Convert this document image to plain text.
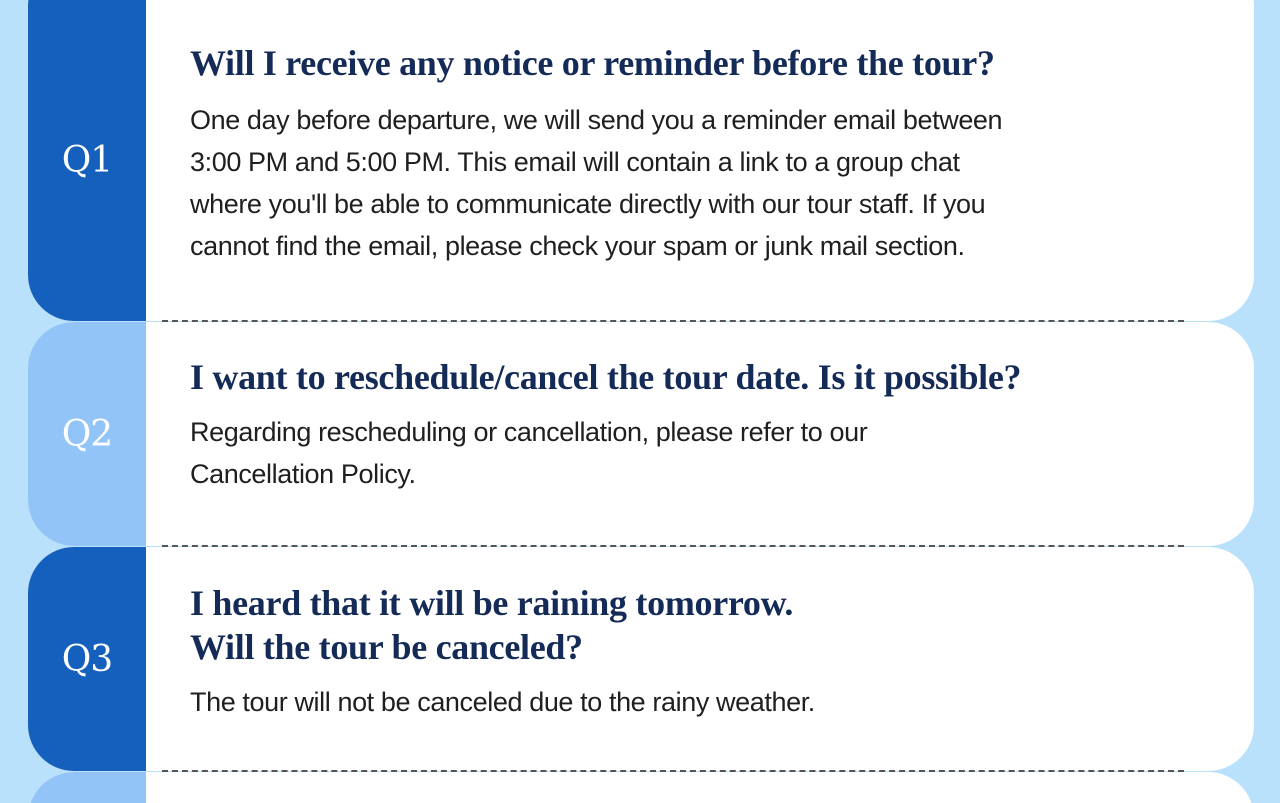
Q1
Will I receive any notice or reminder before the tour?

One day before departure, we will send you a reminder email between

3:00 PM and 5:00 PM. This email will contain a link to a group chat

where you'll be able to communicate directly with our tour staff. If you

cannot find the email, please check your spam or junk mail section.

Q2
I want to reschedule/cancel the tour date. Is it possible?

Regarding rescheduling or cancellation, please refer to our

Cancellation Policy.

Q3
I heard that it will be raining tomorrow.
Will the tour be canceled?

The tour will not be canceled due to the rainy weather.
